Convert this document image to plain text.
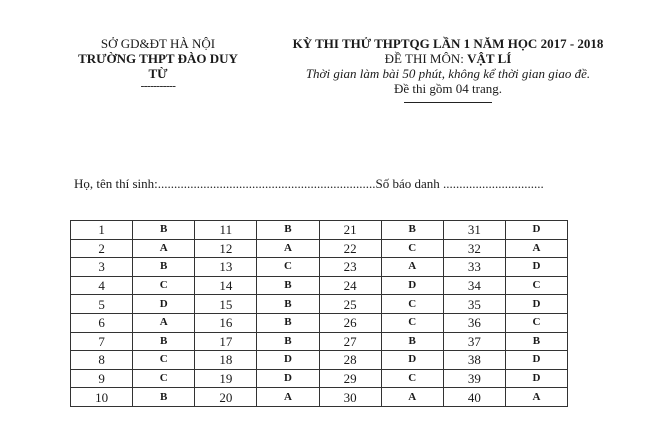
SỞ GD&ĐT HÀ NỘI
TRƯỜNG THPT ĐÀO DUY TỪ
-----------
KỲ THI THỬ THPTQG LẦN 1 NĂM HỌC 2017 - 2018
ĐỀ THI MÔN: VẬT LÍ
Thời gian làm bài 50 phút, không kể thời gian giao đề.
Đề thi gồm 04 trang.
Họ, tên thí sinh:...................................................................Số báo danh ...............................
1	B	11	B	21	B	31	D
2	A	12	A	22	C	32	A
3	B	13	C	23	A	33	D
4	C	14	B	24	D	34	C
5	D	15	B	25	C	35	D
6	A	16	B	26	C	36	C
7	B	17	B	27	B	37	B
8	C	18	D	28	D	38	D
9	C	19	D	29	C	39	D
10	B	20	A	30	A	40	A
